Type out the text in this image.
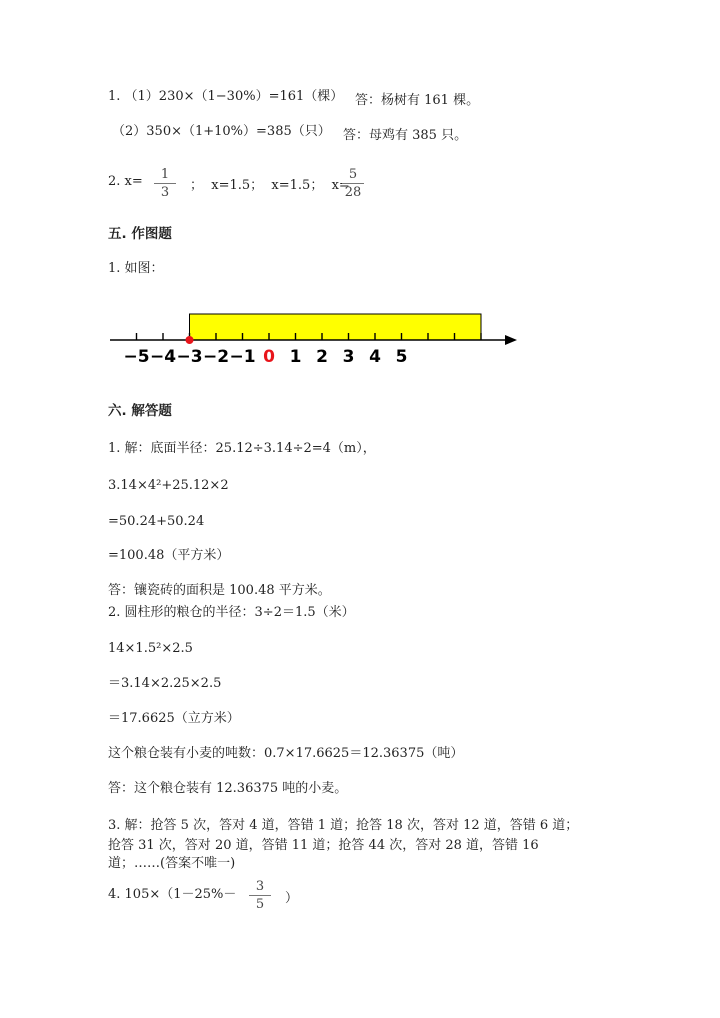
1. （1）230×（1−30%）=161（棵） 答：杨树有 161 棵。
（2）350×（1+10%）=385（只） 答：母鸡有 385 只。
2. x=	1
3	；  x=1.5；  x=1.5；  x=
5
28
五. 作图题
1. 如图：
−5 −4 −3 −2 −1 0 1 2 3 4 5
六. 解答题
1. 解：底面半径：25.12÷3.14÷2=4（m），
3.14×4²+25.12×2
=50.24+50.24
=100.48（平方米）
答：镶瓷砖的面积是 100.48 平方米。
2. 圆柱形的粮仓的半径：3÷2＝1.5（米）
14×1.5²×2.5
＝3.14×2.25×2.5
＝17.6625（立方米）
这个粮仓装有小麦的吨数：0.7×17.6625＝12.36375（吨）
答：这个粮仓装有 12.36375 吨的小麦。
3. 解：抢答 5 次，答对 4 道，答错 1 道；抢答 18 次，答对 12 道，答错 6 道；
抢答 31 次，答对 20 道，答错 11 道；抢答 44 次，答对 28 道，答错 16
道；……(答案不唯一)
4. 105×（1－25%－
3
5	）
